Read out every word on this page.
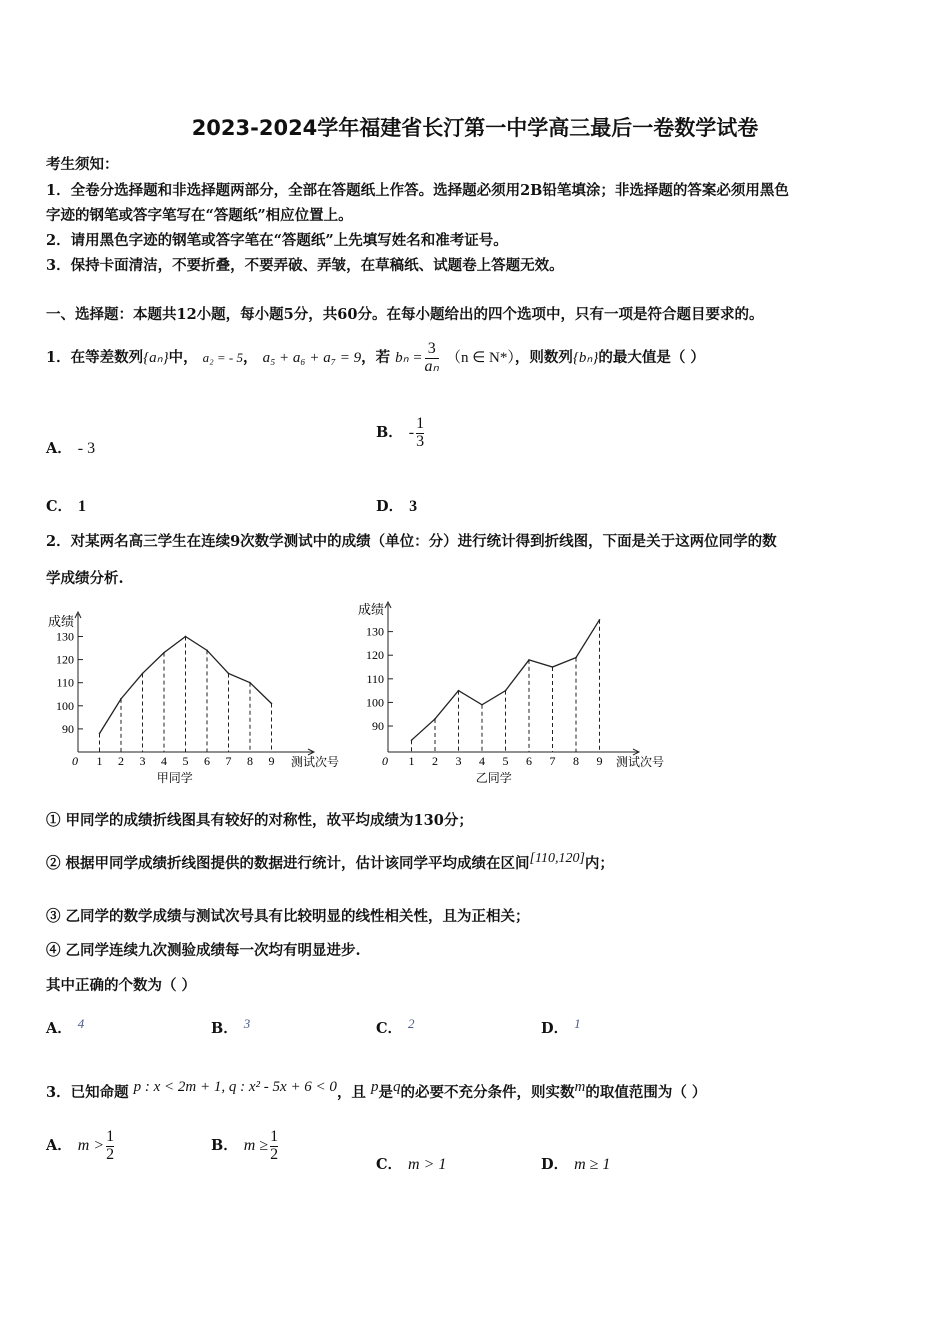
2023-2024学年福建省长汀第一中学高三最后一卷数学试卷
考生须知：
1．全卷分选择题和非选择题两部分，全部在答题纸上作答。选择题必须用2B铅笔填涂；非选择题的答案必须用黑色
字迹的钢笔或答字笔写在“答题纸”相应位置上。
2．请用黑色字迹的钢笔或答字笔在“答题纸”上先填写姓名和准考证号。
3．保持卡面清洁，不要折叠，不要弄破、弄皱，在草稿纸、试题卷上答题无效。
一、选择题：本题共12小题，每小题5分，共60分。在每小题给出的四个选项中，只有一项是符合题目要求的。
1．在等差数列{aₙ}中， a₂ = - 5， a₅ + a₆ + a₇ = 9，若 $b_n = \frac{3}{\text{aₙ}} (n$ ∈ N*），则数列{bₙ}的最大值是（ ）
A． - 3
B． - $\frac{1}{3}$
C． 1	D． 3
2．对某两名高三学生在连续9次数学测试中的成绩（单位：分）进行统计得到折线图，下面是关于这两位同学的数
学成绩分析.
成绩
测试次号
0
甲同学
90
100
110
120
130
1 2 3 4 5 6 7 8 9
成绩
测试次号
0
乙同学
90
100
110
120
130
1 2 3 4 5 6 7 8 9
① 甲同学的成绩折线图具有较好的对称性，故平均成绩为130分；
② 根据甲同学成绩折线图提供的数据进行统计，估计该同学平均成绩在区间[110,120]内；
③ 乙同学的数学成绩与测试次号具有比较明显的线性相关性，且为正相关；
④ 乙同学连续九次测验成绩每一次均有明显进步.
其中正确的个数为（ ）
A． 4	B． 3	C． 2	D． 1
3．已知命题 p : x < 2m + 1, q : x² - 5x + 6 < 0，且 p是q的必要不充分条件，则实数m的取值范围为（ ）
A． $m > \frac{1}{2}$	B． $m \ge \frac{1}{2}$
C． m > 1	D． m ≥ 1
